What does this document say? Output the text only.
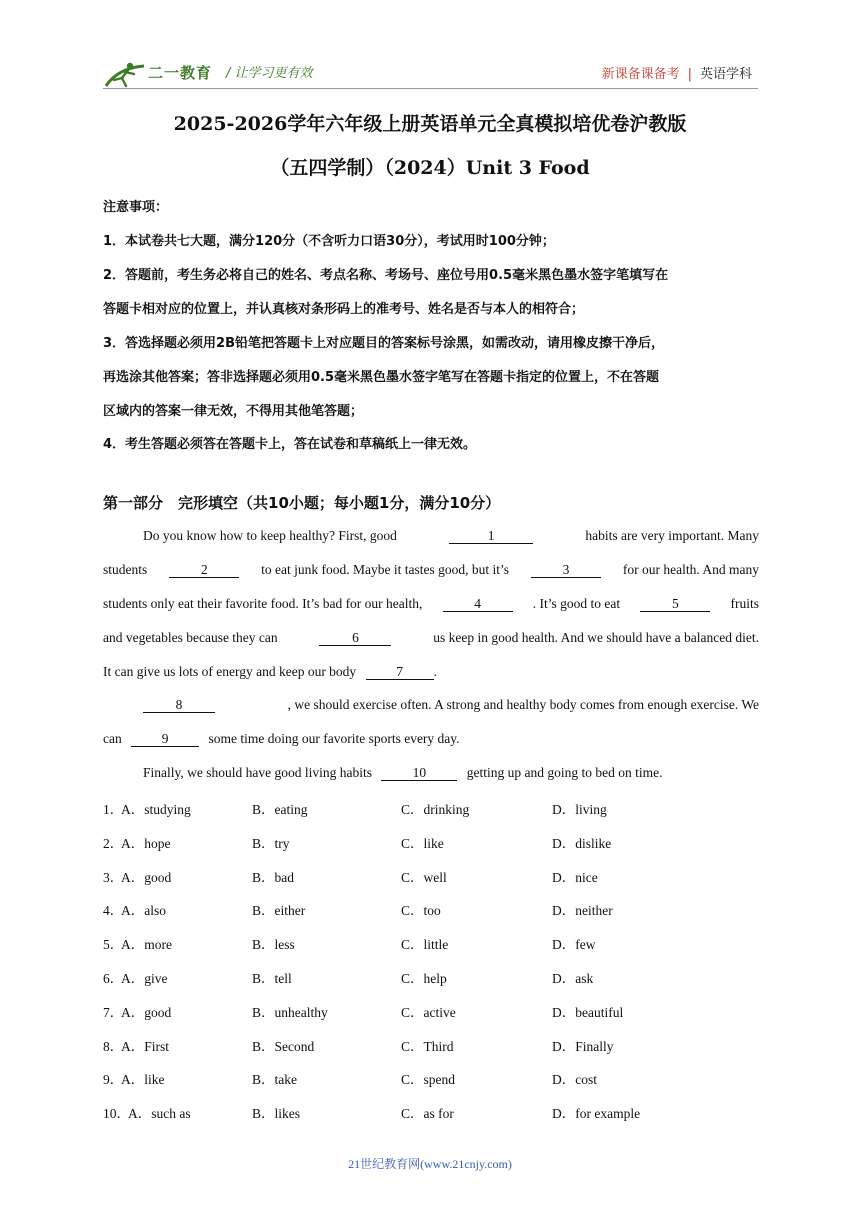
二一教育 / 让学习更有效	新课备课备考 | 英语学科
2025-2026学年六年级上册英语单元全真模拟培优卷沪教版
（五四学制）（2024）Unit 3 Food
注意事项：
1．本试卷共七大题，满分120分（不含听力口语30分），考试用时100分钟；
2．答题前，考生务必将自己的姓名、考点名称、考场号、座位号用0.5毫米黑色墨水签字笔填写在
答题卡相对应的位置上，并认真核对条形码上的准考号、姓名是否与本人的相符合；
3．答选择题必须用2B铅笔把答题卡上对应题目的答案标号涂黑，如需改动，请用橡皮擦干净后，
再选涂其他答案；答非选择题必须用0.5毫米黑色墨水签字笔写在答题卡指定的位置上，不在答题
区域内的答案一律无效，不得用其他笔答题；
4．考生答题必须答在答题卡上，答在试卷和草稿纸上一律无效。
第一部分　完形填空（共10小题；每小题1分，满分10分）
Do you know how to keep healthy? First, good	1	habits are very important. Many
students	2	to eat junk food. Maybe it tastes good, but it’s	3	for our health. And many
students only eat their favorite food. It’s bad for our health,	4	. It’s good to eat	5	fruits
and vegetables because they can	6	us keep in good health. And we should have a balanced diet.
It can give us lots of energy and keep our body	7 .
8	, we should exercise often. A strong and healthy body comes from enough exercise. We
can	9	some time doing our favorite sports every day.
Finally, we should have good living habits	10	getting up and going to bed on time.
1．
A．studying	B．eating	C．drinking	D．living
2．
A．hope	B．try	C．like	D．dislike
3．
A．good	B．bad	C．well	D．nice
4．
A．also	B．either	C．too	D．neither
5．
A．more	B．less	C．little	D．few
6．
A．give	B．tell	C．help	D．ask
7．
A．good	B．unhealthy	C．active	D．beautiful
8．
A．First	B．Second	C．Third	D．Finally
9．
A．like	B．take	C．spend	D．cost
10．
A．such as	B．likes	C．as for	D．for example
21世纪教育网(www.21cnjy.com)
